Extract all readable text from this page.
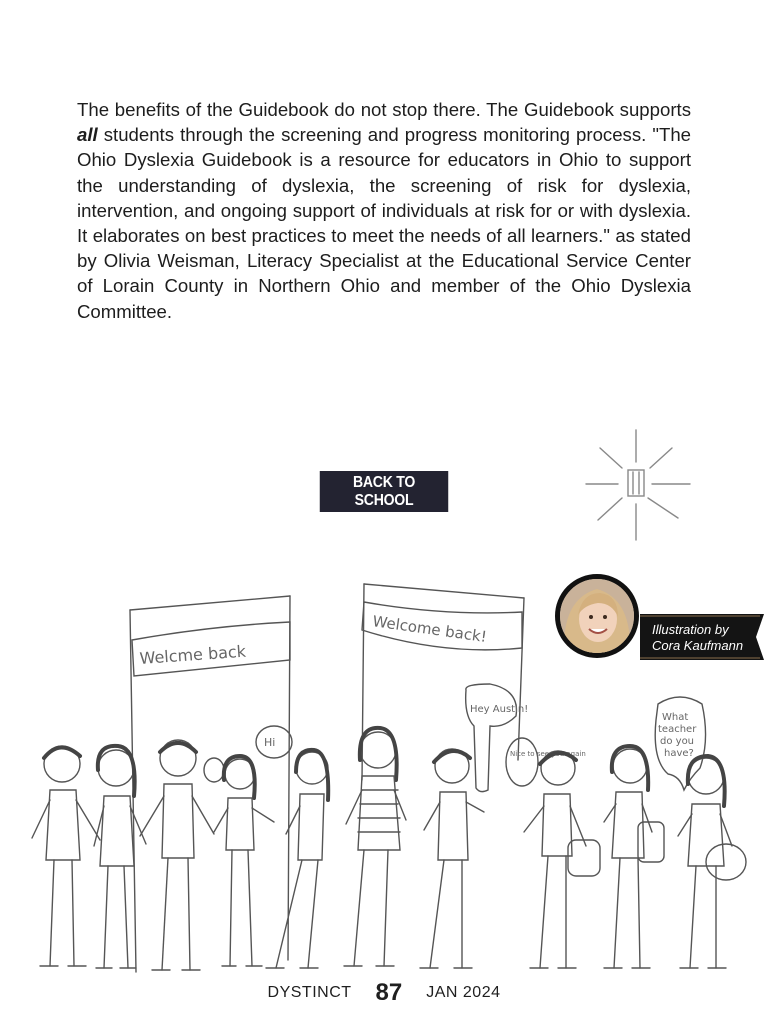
The benefits of the Guidebook do not stop there. The Guidebook supports all students through the screening and progress monitoring process. "The Ohio Dyslexia Guidebook is a resource for educators in Ohio to support the understanding of dyslexia, the screening of risk for dyslexia, intervention, and ongoing support of individuals at risk for or with dyslexia. It elaborates on best practices to meet the needs of all learners." as stated by Olivia Weisman, Literacy Specialist at the Educational Service Center of Lorain County in Northern Ohio and member of the Ohio Dyslexia Committee.

Welcme back
Welcome back!
Hi
Hey Austin!
Nice to see you again
What teacher do you have?
BACK TO SCHOOL
Illustration by
Cora Kaufmann
DYSTINCT 87 JAN 2024
